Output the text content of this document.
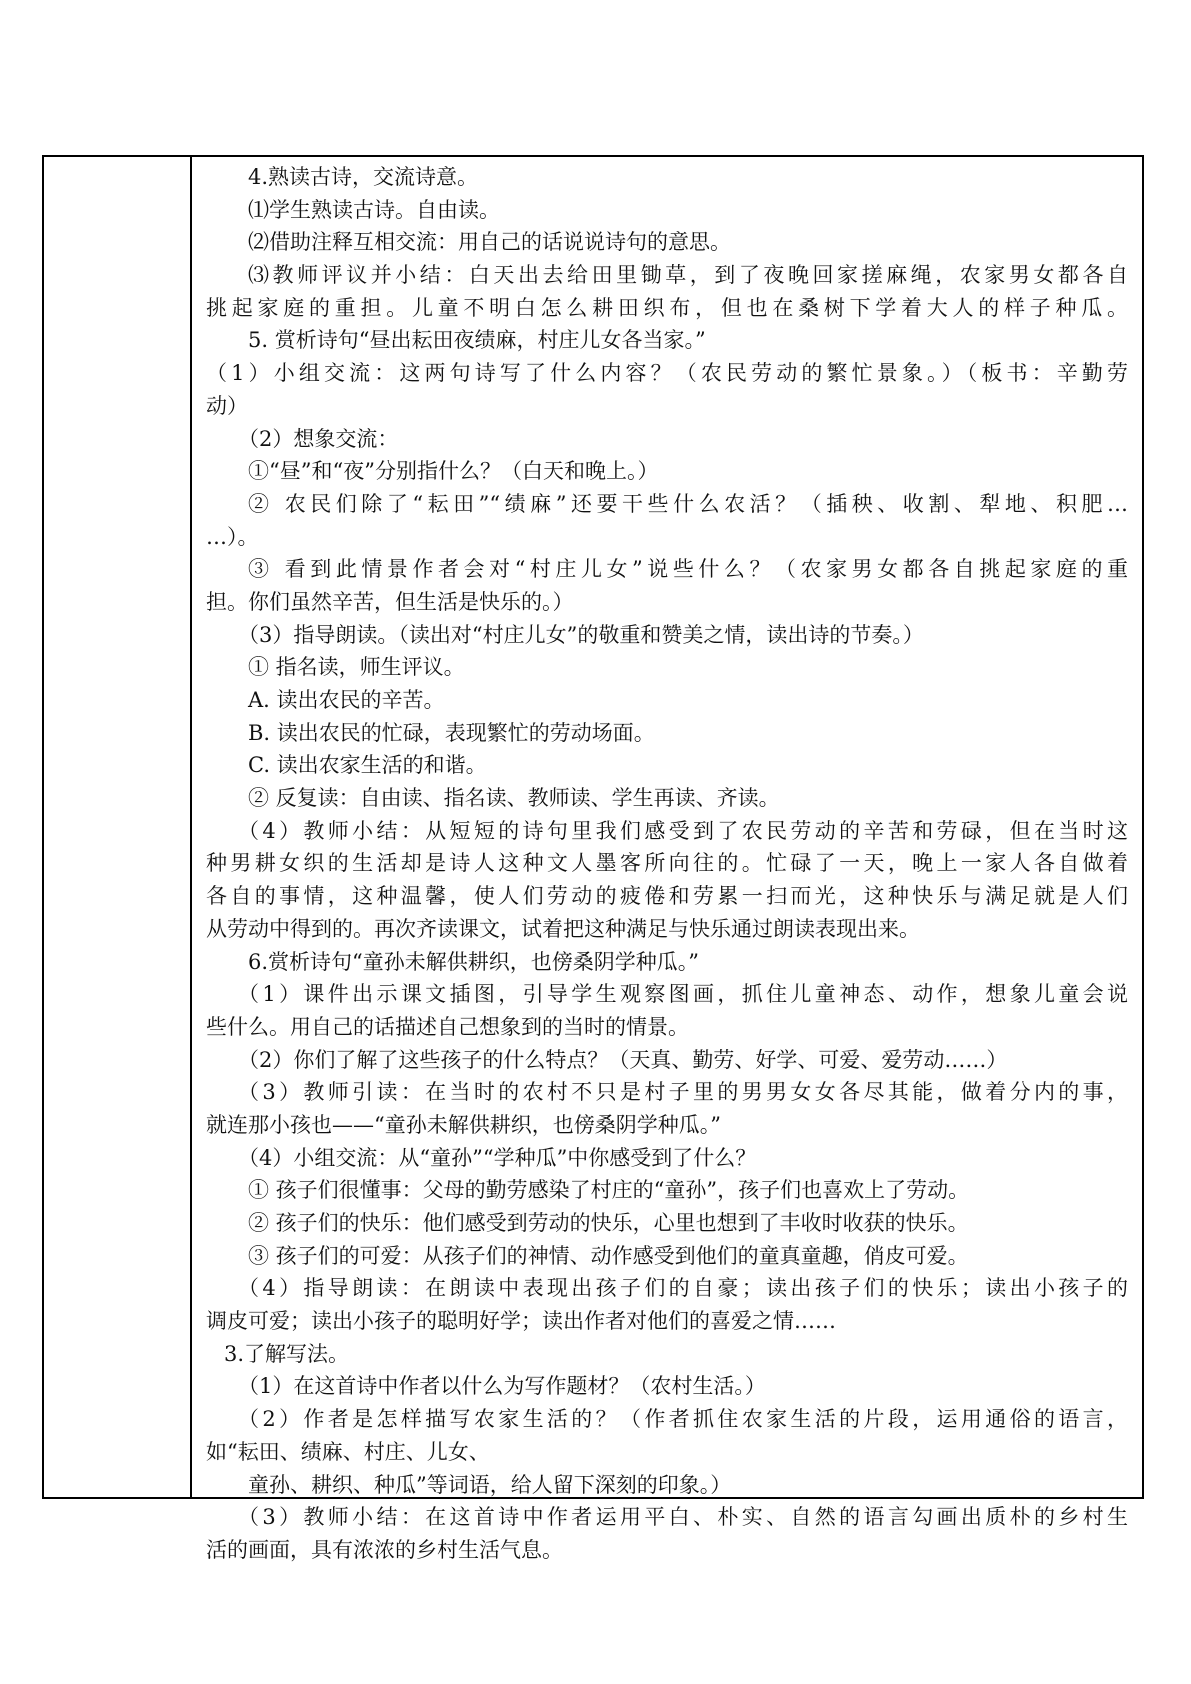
4.熟读古诗，交流诗意。
⑴学生熟读古诗。自由读。
⑵借助注释互相交流：用自己的话说说诗句的意思。
⑶教师评议并小结：白天出去给田里锄草，到了夜晚回家搓麻绳，农家男女都各自
挑起家庭的重担。儿童不明白怎么耕田织布，但也在桑树下学着大人的样子种瓜。
5. 赏析诗句“昼出耘田夜绩麻，村庄儿女各当家。”
（1）小组交流：这两句诗写了什么内容？（农民劳动的繁忙景象。）（板书：辛勤劳
动）
（2）想象交流：
①“昼”和“夜”分别指什么？（白天和晚上。）
② 农民们除了“耘田”“绩麻”还要干些什么农活？（插秧、收割、犁地、积肥…
…）。
③ 看到此情景作者会对“村庄儿女”说些什么？（农家男女都各自挑起家庭的重
担。你们虽然辛苦，但生活是快乐的。）
（3）指导朗读。（读出对“村庄儿女”的敬重和赞美之情，读出诗的节奏。）
① 指名读，师生评议。
A. 读出农民的辛苦。
B. 读出农民的忙碌，表现繁忙的劳动场面。
C. 读出农家生活的和谐。
② 反复读：自由读、指名读、教师读、学生再读、齐读。
（4）教师小结：从短短的诗句里我们感受到了农民劳动的辛苦和劳碌，但在当时这
种男耕女织的生活却是诗人这种文人墨客所向往的。忙碌了一天，晚上一家人各自做着
各自的事情，这种温馨，使人们劳动的疲倦和劳累一扫而光，这种快乐与满足就是人们
从劳动中得到的。再次齐读课文，试着把这种满足与快乐通过朗读表现出来。
6.赏析诗句“童孙未解供耕织，也傍桑阴学种瓜。”
（1）课件出示课文插图，引导学生观察图画，抓住儿童神态、动作，想象儿童会说
些什么。用自己的话描述自己想象到的当时的情景。
（2）你们了解了这些孩子的什么特点？（天真、勤劳、好学、可爱、爱劳动……）
（3）教师引读：在当时的农村不只是村子里的男男女女各尽其能，做着分内的事，
就连那小孩也——“童孙未解供耕织，也傍桑阴学种瓜。”
（4）小组交流：从“童孙”“学种瓜”中你感受到了什么？
① 孩子们很懂事：父母的勤劳感染了村庄的“童孙”，孩子们也喜欢上了劳动。
② 孩子们的快乐：他们感受到劳动的快乐，心里也想到了丰收时收获的快乐。
③ 孩子们的可爱：从孩子们的神情、动作感受到他们的童真童趣，俏皮可爱。
（4）指导朗读：在朗读中表现出孩子们的自豪；读出孩子们的快乐；读出小孩子的
调皮可爱；读出小孩子的聪明好学；读出作者对他们的喜爱之情……
3.了解写法。
（1）在这首诗中作者以什么为写作题材？（农村生活。）
（2）作者是怎样描写农家生活的？（作者抓住农家生活的片段，运用通俗的语言，
如“耘田、绩麻、村庄、儿女、
童孙、耕织、种瓜”等词语，给人留下深刻的印象。）
（3）教师小结：在这首诗中作者运用平白、朴实、自然的语言勾画出质朴的乡村生
活的画面，具有浓浓的乡村生活气息。
